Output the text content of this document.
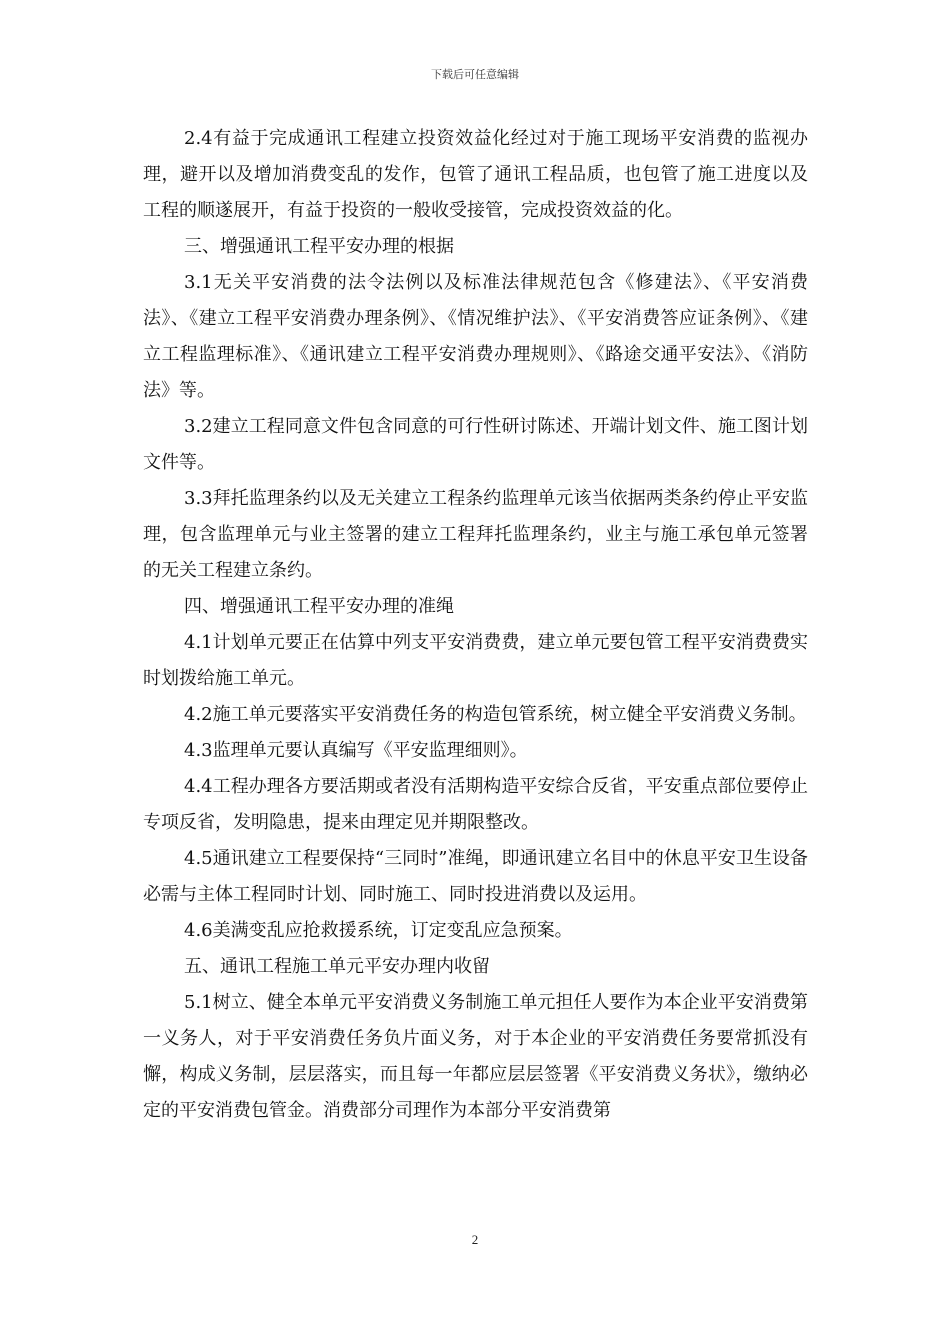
下载后可任意编辑

2.4有益于完成通讯工程建立投资效益化经过对于施工现场平安消费的监视办理，避开以及增加消费变乱的发作，包管了通讯工程品质，也包管了施工进度以及工程的顺遂展开，有益于投资的一般收受接管，完成投资效益的化。

三、增强通讯工程平安办理的根据

3.1无关平安消费的法令法例以及标准法律规范包含《修建法》、《平安消费法》、《建立工程平安消费办理条例》、《情况维护法》、《平安消费答应证条例》、《建立工程监理标准》、《通讯建立工程平安消费办理规则》、《路途交通平安法》、《消防法》等。

3.2建立工程同意文件包含同意的可行性研讨陈述、开端计划文件、施工图计划文件等。

3.3拜托监理条约以及无关建立工程条约监理单元该当依据两类条约停止平安监理，包含监理单元与业主签署的建立工程拜托监理条约，业主与施工承包单元签署的无关工程建立条约。

四、增强通讯工程平安办理的准绳

4.1计划单元要正在估算中列支平安消费费，建立单元要包管工程平安消费费实时划拨给施工单元。

4.2施工单元要落实平安消费任务的构造包管系统，树立健全平安消费义务制。

4.3监理单元要认真编写《平安监理细则》。

4.4工程办理各方要活期或者没有活期构造平安综合反省，平安重点部位要停止专项反省，发明隐患，提来由理定见并期限整改。

4.5通讯建立工程要保持“三同时”准绳，即通讯建立名目中的休息平安卫生设备必需与主体工程同时计划、同时施工、同时投进消费以及运用。

4.6美满变乱应抢救援系统，订定变乱应急预案。

五、通讯工程施工单元平安办理内收留

5.1树立、健全本单元平安消费义务制施工单元担任人要作为本企业平安消费第一义务人，对于平安消费任务负片面义务，对于本企业的平安消费任务要常抓没有懈，构成义务制，层层落实，而且每一年都应层层签署《平安消费义务状》，缴纳必定的平安消费包管金。消费部分司理作为本部分平安消费第

2
